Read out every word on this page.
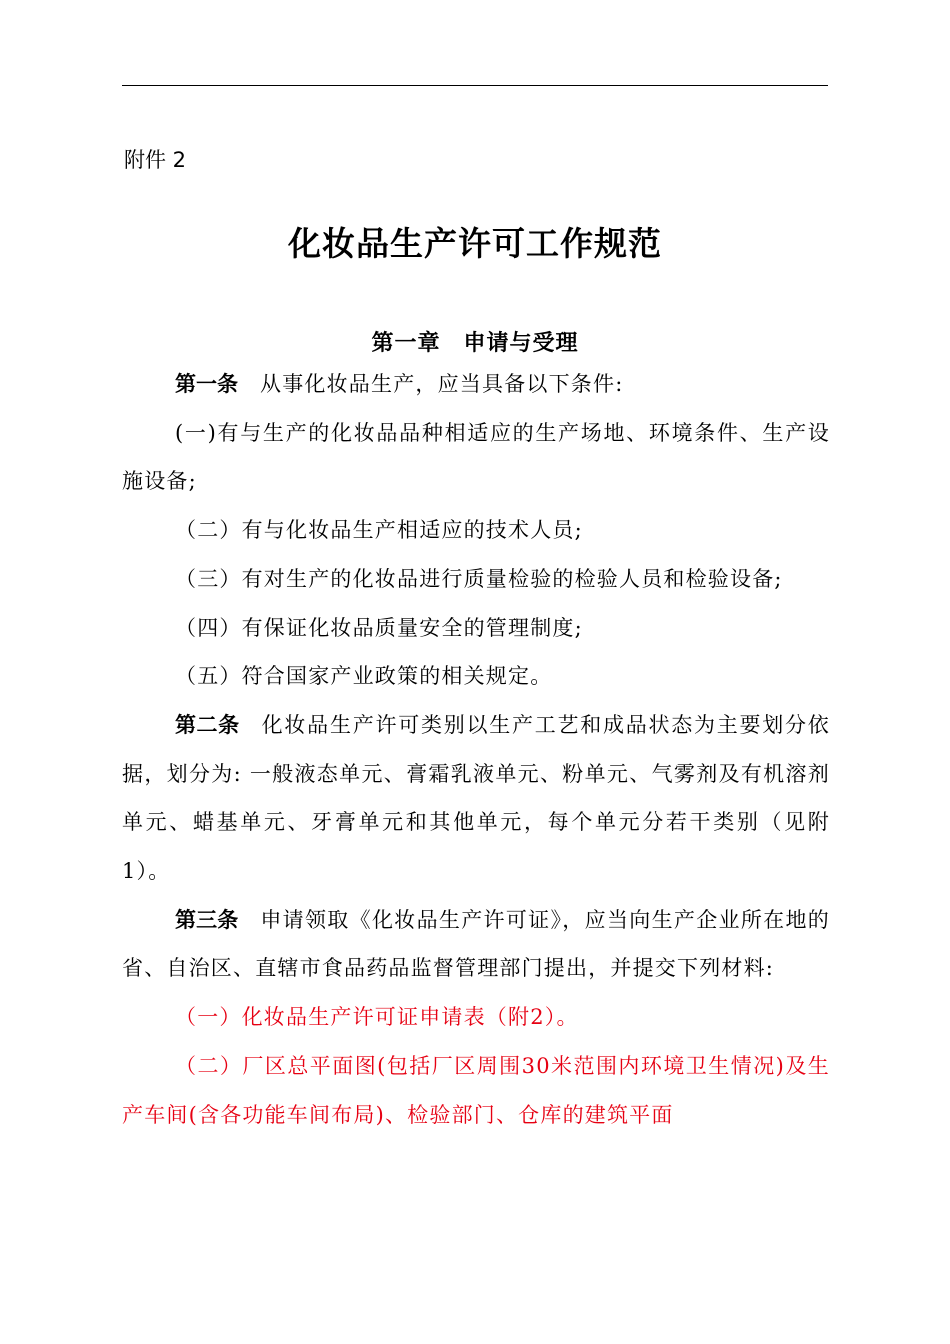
附件 2
化妆品生产许可工作规范
第一章　申请与受理

第一条 从事化妆品生产，应当具备以下条件:

(一)有与生产的化妆品品种相适应的生产场地、环境条件、生产设施设备;

（二）有与化妆品生产相适应的技术人员;

（三）有对生产的化妆品进行质量检验的检验人员和检验设备;

（四）有保证化妆品质量安全的管理制度;

（五）符合国家产业政策的相关规定。

第二条 化妆品生产许可类别以生产工艺和成品状态为主要划分依据，划分为: 一般液态单元、膏霜乳液单元、粉单元、气雾剂及有机溶剂单元、蜡基单元、牙膏单元和其他单元，每个单元分若干类别（见附1）。

第三条 申请领取《化妆品生产许可证》，应当向生产企业所在地的省、自治区、直辖市食品药品监督管理部门提出，并提交下列材料:

（一）化妆品生产许可证申请表（附2）。

（二）厂区总平面图(包括厂区周围30米范围内环境卫生情况)及生产车间(含各功能车间布局)、检验部门、仓库的建筑平面
